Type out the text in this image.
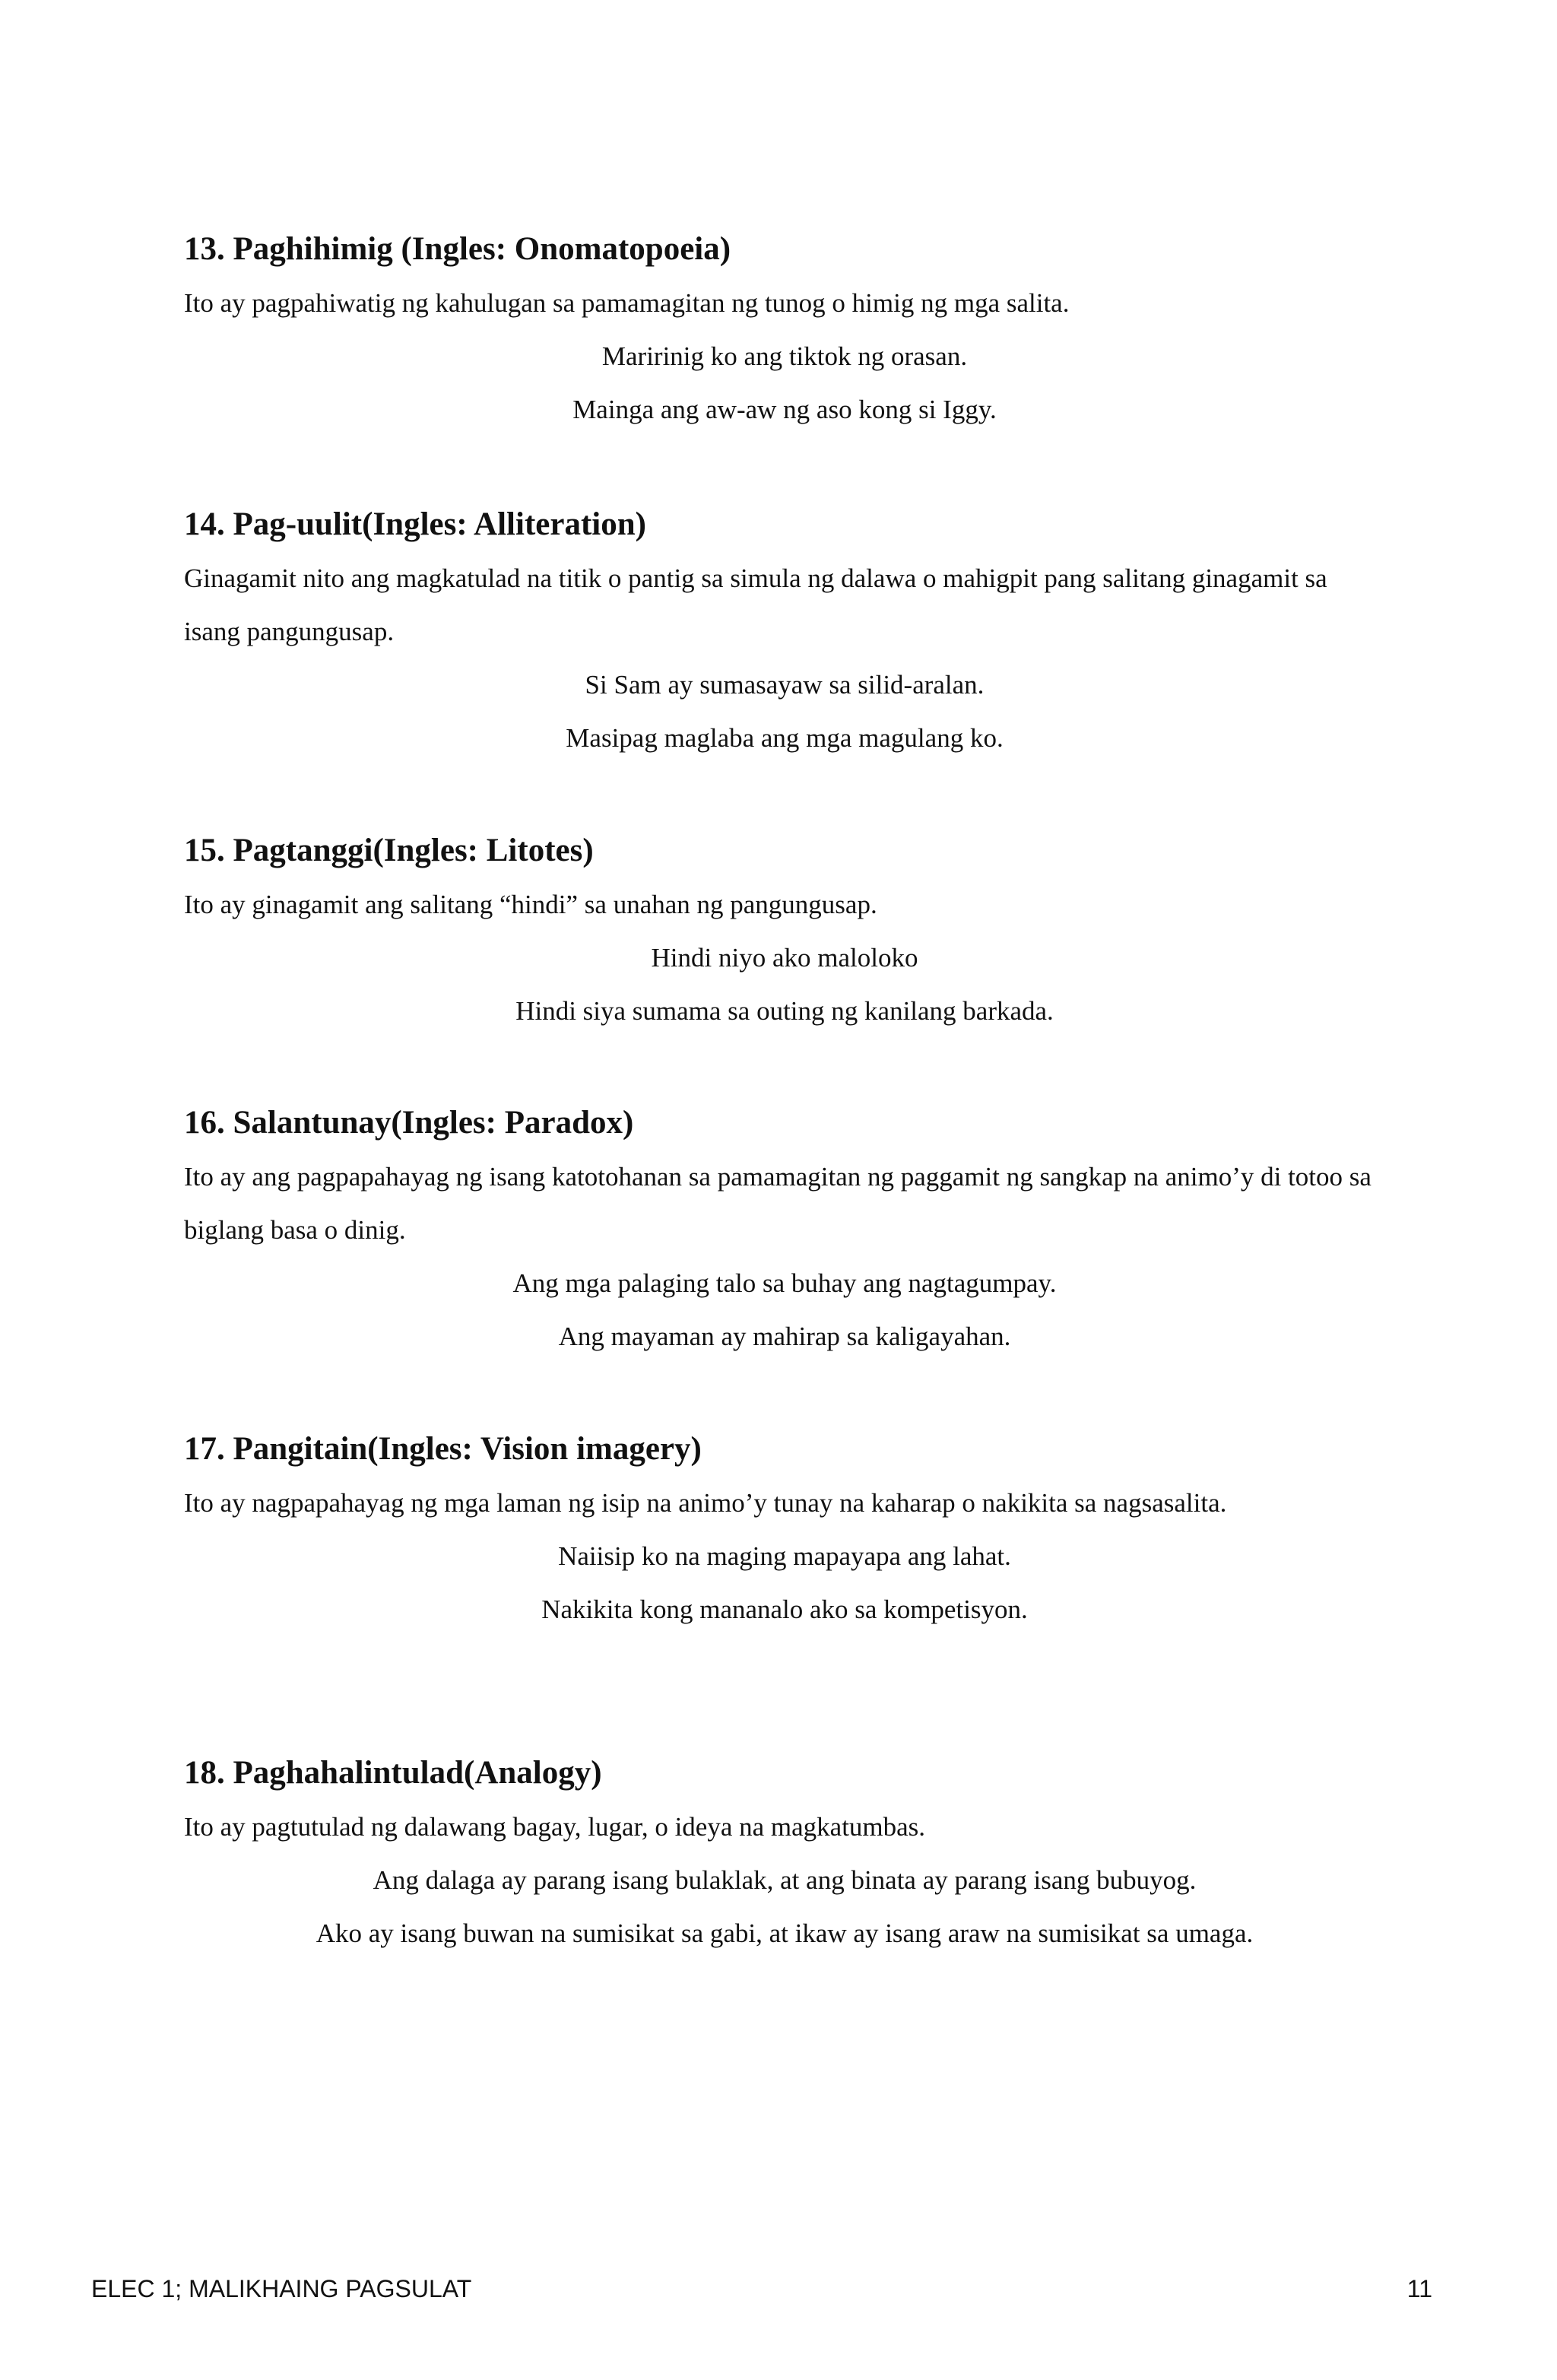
13. Paghihimig (Ingles: Onomatopoeia)

Ito ay pagpahiwatig ng kahulugan sa pamamagitan ng tunog o himig ng mga salita.

Maririnig ko ang tiktok ng orasan.

Mainga ang aw-aw ng aso kong si Iggy.

14. Pag-uulit(Ingles: Alliteration)

Ginagamit nito ang magkatulad na titik o pantig sa simula ng dalawa o mahigpit pang salitang ginagamit sa isang pangungusap.

Si Sam ay sumasayaw sa silid-aralan.

Masipag maglaba ang mga magulang ko.

15. Pagtanggi(Ingles: Litotes)

Ito ay ginagamit ang salitang “hindi” sa unahan ng pangungusap.

Hindi niyo ako maloloko

Hindi siya sumama sa outing ng kanilang barkada.

16. Salantunay(Ingles: Paradox)

Ito ay ang pagpapahayag ng isang katotohanan sa pamamagitan ng paggamit ng sangkap na animo’y di totoo sa biglang basa o dinig.

Ang mga palaging talo sa buhay ang nagtagumpay.

Ang mayaman ay mahirap sa kaligayahan.

17. Pangitain(Ingles: Vision imagery)

Ito ay nagpapahayag ng mga laman ng isip na animo’y tunay na kaharap o nakikita sa nagsasalita.

Naiisip ko na maging mapayapa ang lahat.

Nakikita kong mananalo ako sa kompetisyon.

18. Paghahalintulad(Analogy)

Ito ay pagtutulad ng dalawang bagay, lugar, o ideya na magkatumbas.

Ang dalaga ay parang isang bulaklak, at ang binata ay parang isang bubuyog.

Ako ay isang buwan na sumisikat sa gabi, at ikaw ay isang araw na sumisikat sa umaga.

ELEC 1; MALIKHAING PAGSULAT	11
